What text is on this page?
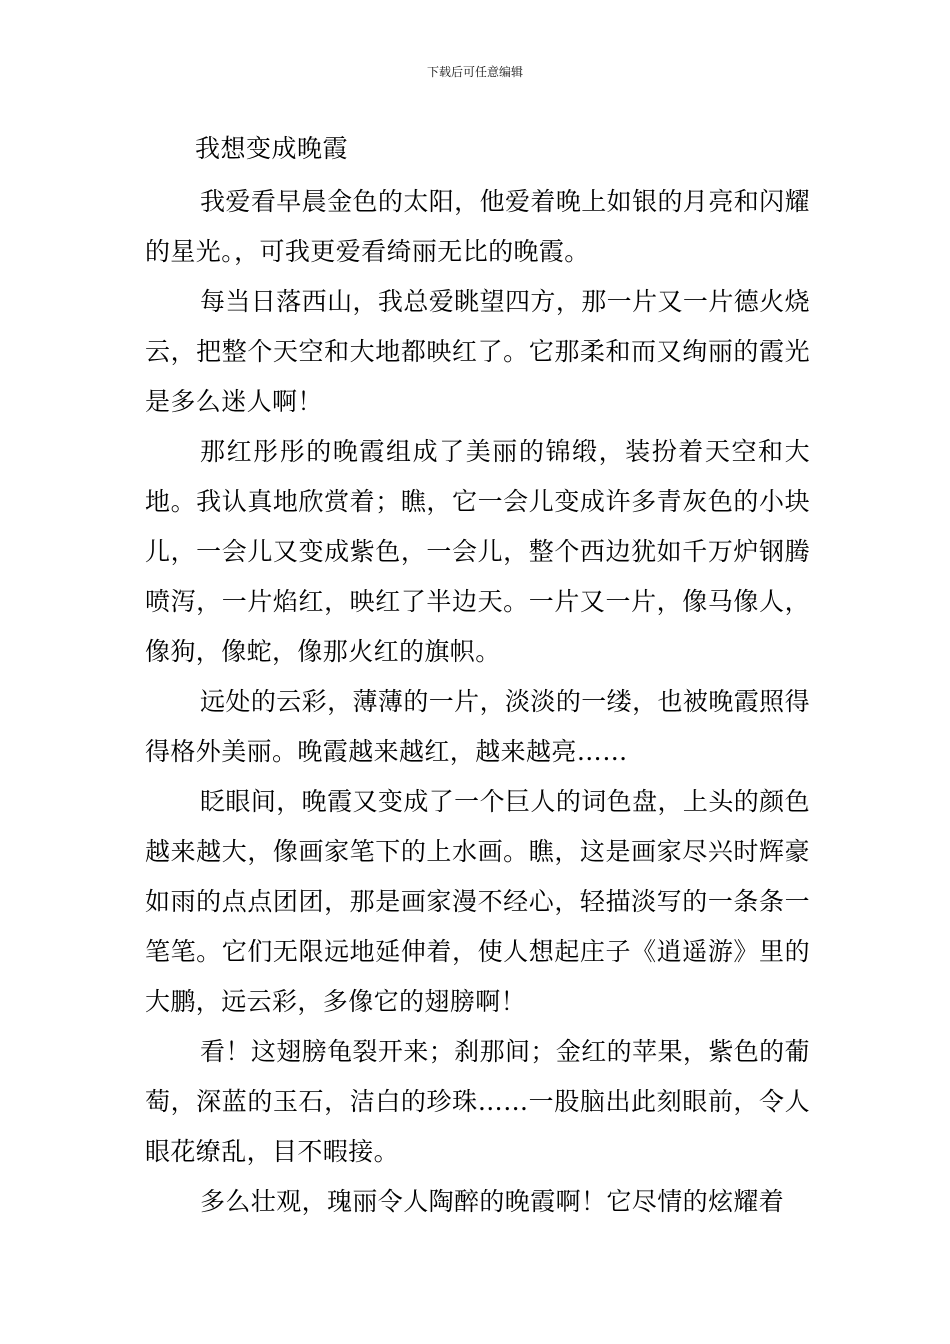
下载后可任意编辑
我想变成晚霞

我爱看早晨金色的太阳，他爱着晚上如银的月亮和闪耀的星光。，可我更爱看绮丽无比的晚霞。

每当日落西山，我总爱眺望四方，那一片又一片德火烧云，把整个天空和大地都映红了。它那柔和而又绚丽的霞光是多么迷人啊！

那红彤彤的晚霞组成了美丽的锦缎，装扮着天空和大地。我认真地欣赏着；瞧，它一会儿变成许多青灰色的小块儿，一会儿又变成紫色，一会儿，整个西边犹如千万炉钢腾喷泻，一片焰红，映红了半边天。一片又一片，像马像人，像狗，像蛇，像那火红的旗帜。

远处的云彩，薄薄的一片，淡淡的一缕，也被晚霞照得得格外美丽。晚霞越来越红，越来越亮……

眨眼间，晚霞又变成了一个巨人的词色盘，上头的颜色越来越大，像画家笔下的上水画。瞧，这是画家尽兴时辉豪如雨的点点团团，那是画家漫不经心，轻描淡写的一条条一笔笔。它们无限远地延伸着，使人想起庄子《逍遥游》里的大鹏，远云彩，多像它的翅膀啊！

看！这翅膀龟裂开来；刹那间；金红的苹果，紫色的葡萄，深蓝的玉石，洁白的珍珠……一股脑出此刻眼前，令人眼花缭乱，目不暇接。

多么壮观，瑰丽令人陶醉的晚霞啊！它尽情的炫耀着
